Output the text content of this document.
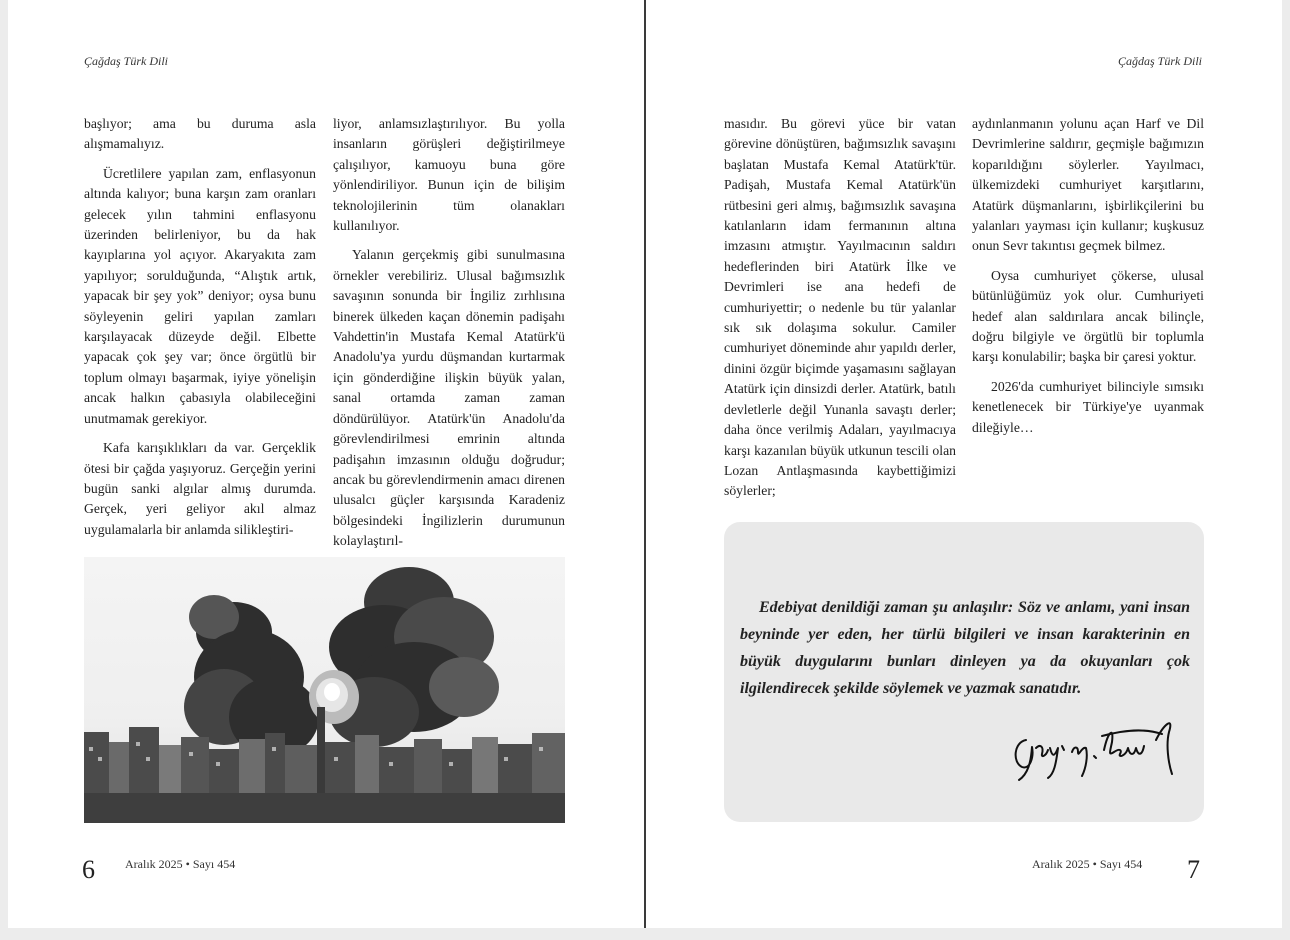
Çağdaş Türk Dili

başlıyor; ama bu duruma asla alışmamalıyız.

Ücretlilere yapılan zam, enflasyonun altında kalıyor; buna karşın zam oranları gelecek yılın tahmini enflasyonu üzerinden belirleniyor, bu da hak kayıplarına yol açıyor. Akaryakıta zam yapılıyor; sorulduğunda, “Alıştık artık, yapacak bir şey yok” deniyor; oysa bunu söyleyenin geliri yapılan zamları karşılayacak düzeyde değil. Elbette yapacak çok şey var; önce örgütlü bir toplum olmayı başarmak, iyiye yönelişin ancak halkın çabasıyla olabileceğini unutmamak gerekiyor.

Kafa karışıklıkları da var. Gerçeklik ötesi bir çağda yaşıyoruz. Gerçeğin yerini bugün sanki algılar almış durumda. Gerçek, yeri geliyor akıl almaz uygulamalarla bir anlamda silikleştiri-

liyor, anlamsızlaştırılıyor. Bu yolla insanların görüşleri değiştirilmeye çalışılıyor, kamuoyu buna göre yönlendiriliyor. Bunun için de bilişim teknolojilerinin tüm olanakları kullanılıyor.

Yalanın gerçekmiş gibi sunulmasına örnekler verebiliriz. Ulusal bağımsızlık savaşının sonunda bir İngiliz zırhlısına binerek ülkeden kaçan dönemin padişahı Vahdettin'in Mustafa Kemal Atatürk'ü Anadolu'ya yurdu düşmandan kurtarmak için gönderdiğine ilişkin büyük yalan, sanal ortamda zaman zaman döndürülüyor. Atatürk'ün Anadolu'da görevlendirilmesi emrinin altında padişahın imzasının olduğu doğrudur; ancak bu görevlendirmenin amacı direnen ulusalcı güçler karşısında Karadeniz bölgesindeki İngilizlerin durumunun kolaylaştırıl-

6	Aralık 2025 • Sayı 454
Çağdaş Türk Dili

masıdır. Bu görevi yüce bir vatan görevine dönüştüren, bağımsızlık savaşını başlatan Mustafa Kemal Atatürk'tür. Padişah, Mustafa Kemal Atatürk'ün rütbesini geri almış, bağımsızlık savaşına katılanların idam fermanının altına imzasını atmıştır. Yayılmacının saldırı hedeflerinden biri Atatürk İlke ve Devrimleri ise ana hedefi de cumhuriyettir; o nedenle bu tür yalanlar sık sık dolaşıma sokulur. Camiler cumhuriyet döneminde ahır yapıldı derler, dinini özgür biçimde yaşamasını sağlayan Atatürk için dinsizdi derler. Atatürk, batılı devletlerle değil Yunanla savaştı derler; daha önce verilmiş Adaları, yayılmacıya karşı kazanılan büyük utkunun tescili olan Lozan Antlaşmasında kaybettiğimizi söylerler;

aydınlanmanın yolunu açan Harf ve Dil Devrimlerine saldırır, geçmişle bağımızın koparıldığını söylerler. Yayılmacı, ülkemizdeki cumhuriyet karşıtlarını, Atatürk düşmanlarını, işbirlikçilerini bu yalanları yayması için kullanır; kuşkusuz onun Sevr takıntısı geçmek bilmez.

Oysa cumhuriyet çökerse, ulusal bütünlüğümüz yok olur. Cumhuriyeti hedef alan saldırılara ancak bilinçle, doğru bilgiyle ve örgütlü bir toplumla karşı konulabilir; başka bir çaresi yoktur.

2026'da cumhuriyet bilinciyle sımsıkı kenetlenecek bir Türkiye'ye uyanmak dileğiyle…

Edebiyat denildiği zaman şu anlaşılır: Söz ve anlamı, yani insan beyninde yer eden, her türlü bilgileri ve insan karakterinin en büyük duygularını bunları dinleyen ya da okuyanları çok ilgilendirecek şekilde söylemek ve yazmak sanatıdır.
Aralık 2025 • Sayı 454 7
